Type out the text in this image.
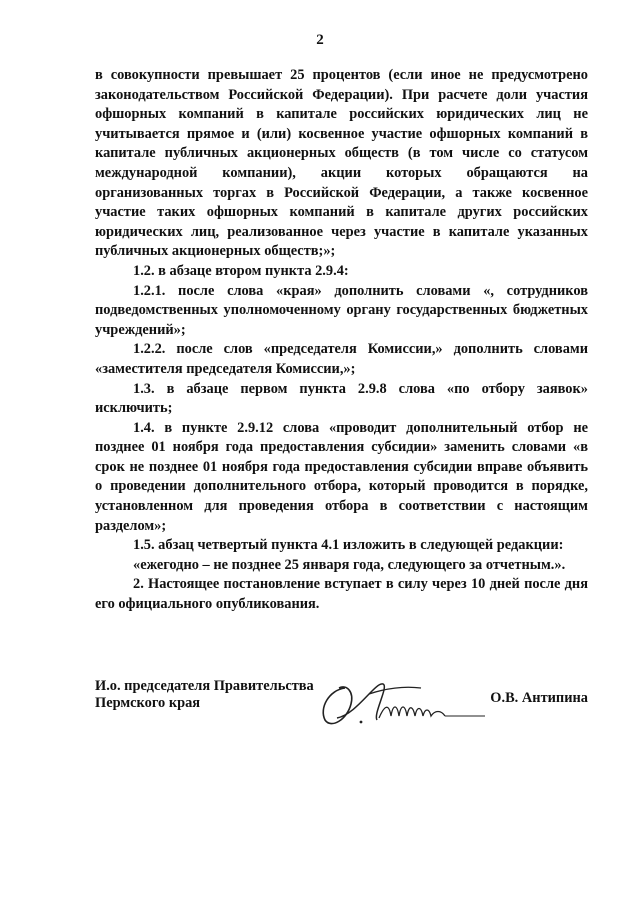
2

в совокупности превышает 25 процентов (если иное не предусмотрено законодательством Российской Федерации). При расчете доли участия офшорных компаний в капитале российских юридических лиц не учитывается прямое и (или) косвенное участие офшорных компаний в капитале публичных акционерных обществ (в том числе со статусом международной компании), акции которых обращаются на организованных торгах в Российской Федерации, а также косвенное участие таких офшорных компаний в капитале других российских юридических лиц, реализованное через участие в капитале указанных публичных акционерных обществ;»;

1.2. в абзаце втором пункта 2.9.4:

1.2.1. после слова «края» дополнить словами «, сотрудников подведомственных уполномоченному органу государственных бюджетных учреждений»;

1.2.2. после слов «председателя Комиссии,» дополнить словами «заместителя председателя Комиссии,»;

1.3. в абзаце первом пункта 2.9.8 слова «по отбору заявок» исключить;

1.4. в пункте 2.9.12 слова «проводит дополнительный отбор не позднее 01 ноября года предоставления субсидии» заменить словами «в срок не позднее 01 ноября года предоставления субсидии вправе объявить о проведении дополнительного отбора, который проводится в порядке, установленном для проведения отбора в соответствии с настоящим разделом»;

1.5. абзац четвертый пункта 4.1 изложить в следующей редакции:

«ежегодно – не позднее 25 января года, следующего за отчетным.».

2. Настоящее постановление вступает в силу через 10 дней после дня его официального опубликования.

И.о. председателя Правительства
Пермского края	О.В. Антипина
